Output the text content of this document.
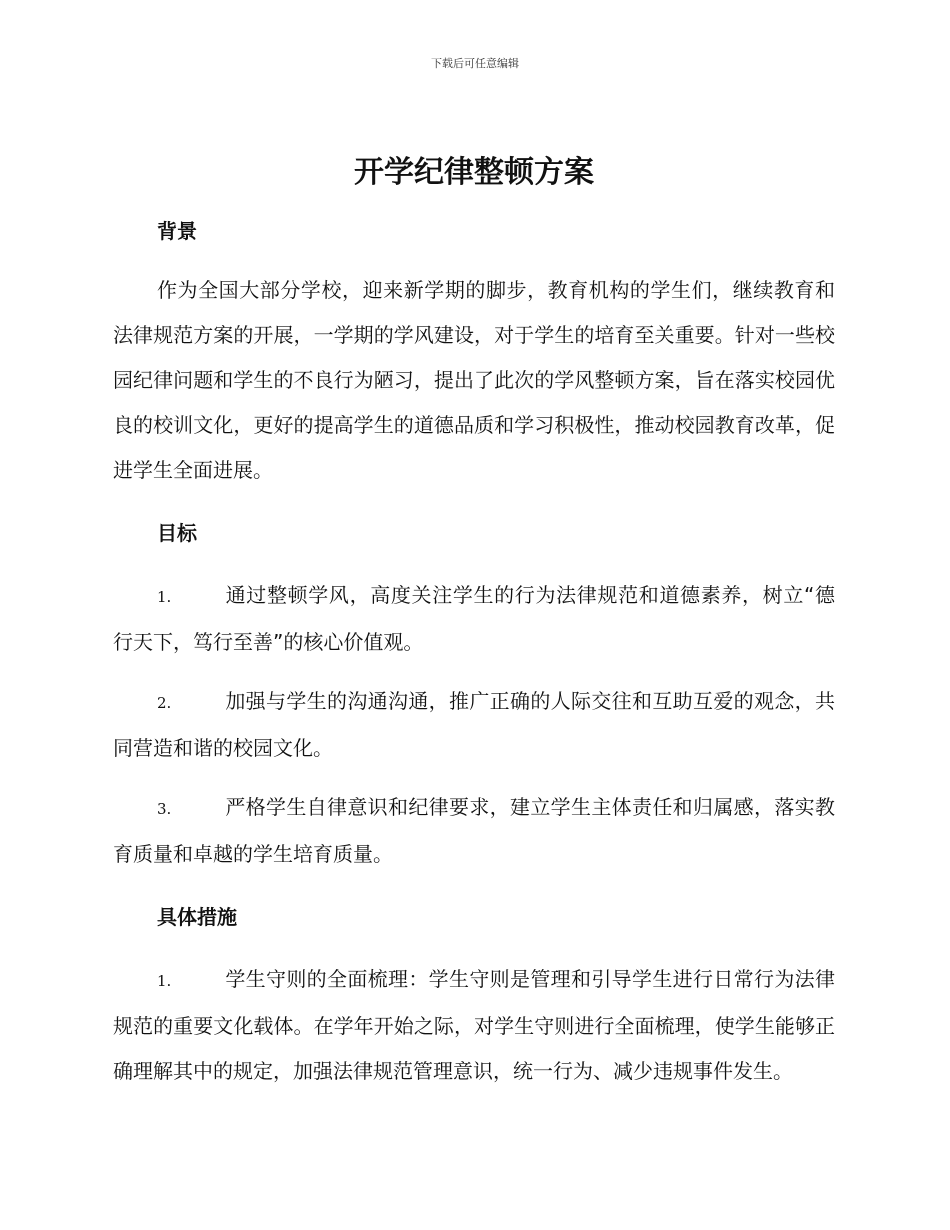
下载后可任意编辑
开学纪律整顿方案
背景

作为全国大部分学校，迎来新学期的脚步，教育机构的学生们，继续教育和法律规范方案的开展，一学期的学风建设，对于学生的培育至关重要。针对一些校园纪律问题和学生的不良行为陋习，提出了此次的学风整顿方案，旨在落实校园优良的校训文化，更好的提高学生的道德品质和学习积极性，推动校园教育改革，促进学生全面进展。

目标

1.	通过整顿学风，高度关注学生的行为法律规范和道德素养，树立“德行天下，笃行至善”的核心价值观。

2.	加强与学生的沟通沟通，推广正确的人际交往和互助互爱的观念，共同营造和谐的校园文化。

3.	严格学生自律意识和纪律要求，建立学生主体责任和归属感，落实教育质量和卓越的学生培育质量。

具体措施

1.	学生守则的全面梳理：学生守则是管理和引导学生进行日常行为法律规范的重要文化载体。在学年开始之际，对学生守则进行全面梳理，使学生能够正确理解其中的规定，加强法律规范管理意识，统一行为、减少违规事件发生。
